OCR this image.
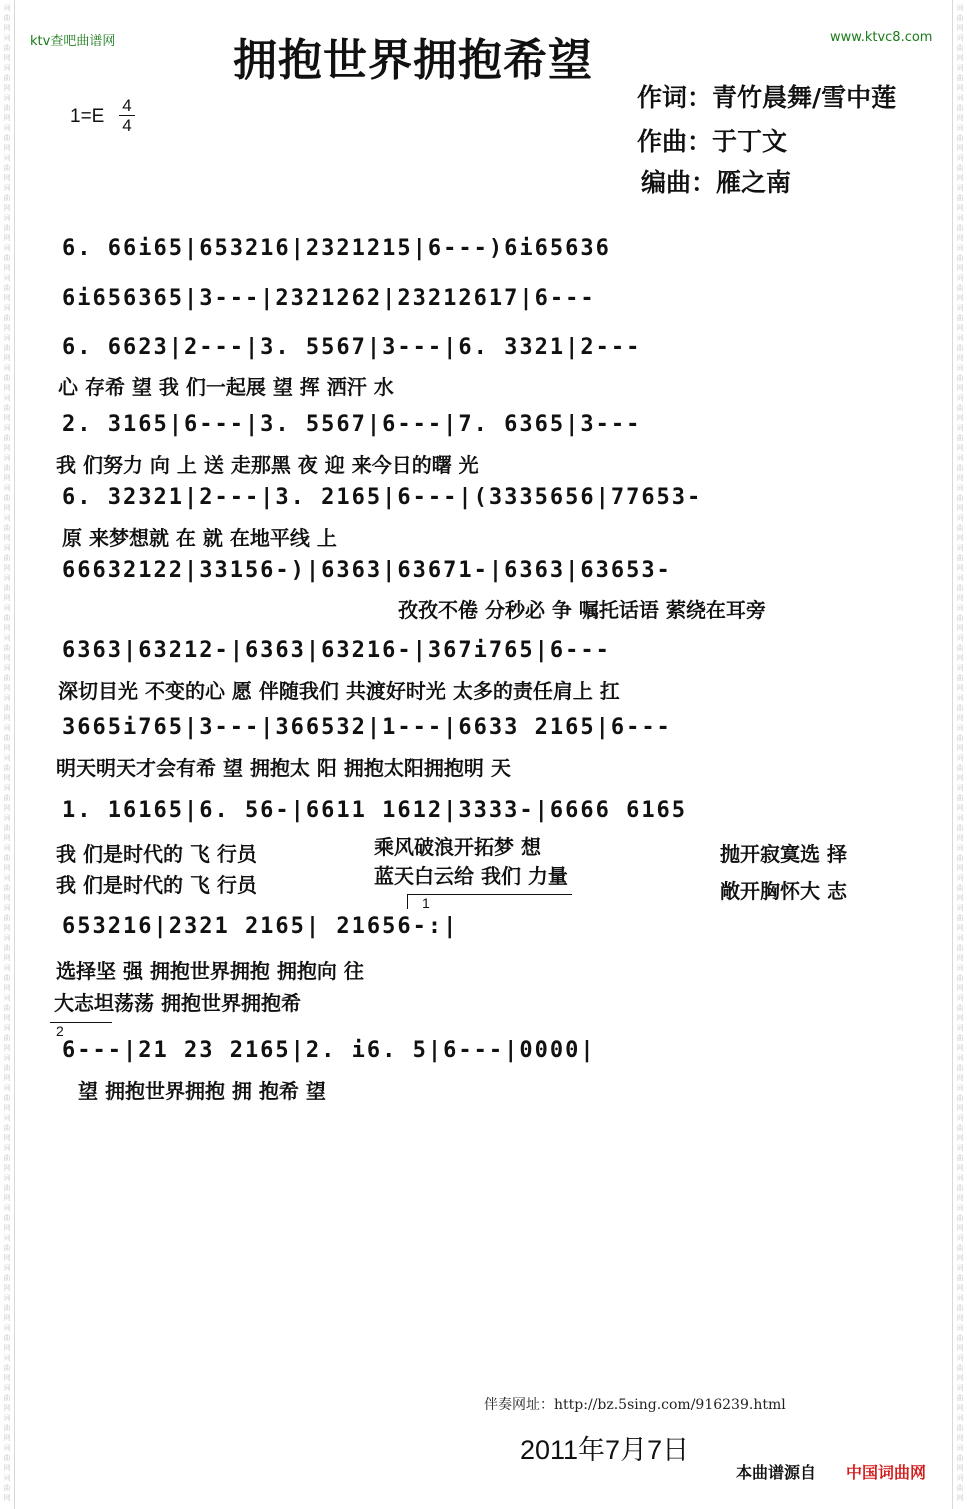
词
曲
网
词
曲
网
词
曲
网
词
曲
网
词
曲
网
词
曲
网
词
曲
网
词
曲
网
词
曲
网
词
曲
网
词
曲
网
词
曲
网
词
曲
网
词
曲
网
词
曲
网
词
曲
网
词
曲
网
词
曲
网
词
曲
网
词
曲
网
词
曲
网
词
曲
网
词
曲
网
词
曲
网
词
曲
网
词
曲
网
词
曲
网
词
曲
网
词
曲
网
词
曲
网
词
曲
网
词
曲
网
词
曲
网
词
曲
网
词
曲
网
词
曲
网
词
曲
网
词
曲
网
词
曲
网
词
曲
网
词
曲
网
词
曲
网
词
曲
网
词
曲
网
词
曲
网
词
曲
网
词
曲
网
词
曲
网
词
曲
网
词
曲
网
词
曲
网
词
曲
网
词
曲
网
词
曲
网
词
曲
网
词
曲
网
词
曲
网
词
曲
网
词
曲
网
词
曲
网
词
曲
网
词
曲
网
词
曲
网
词
曲
网
词
曲
网
词
曲
网
词
曲
网
词
曲
网
词
曲
网
词
曲
网
词
曲
网
词
曲
网
词
曲
网
词
曲
网
词
曲
网
词
曲
网
词
曲
网
词
曲
网
词
曲
网
词
曲
网
词
曲
网
词
曲
网
词
曲
网
词
曲
网
词
曲
网
词
曲
网
词
曲
网
词
曲
网
词
曲
网
词
曲
网
词
曲
网
词
曲
网
词
曲
网
词
曲
网
词
曲
网
词
曲
网
词
曲
网
词
曲
网
词
曲
网
词
曲
网
ktv查吧曲谱网	www.ktvc8.com
拥抱世界拥抱希望
作词：青竹晨舞/雪中莲
作曲：于丁文
编曲：雁之南
$1=E \frac{4}{4}$
6. 66i65|653216|2321215|6---)6i65636
6i656365|3---|2321262|23212617|6---
6. 6623|2---|3. 5567|3---|6. 3321|2---
2. 3165|6---|3. 5567|6---|7. 6365|3---
6. 32321|2---|3. 2165|6---|(3335656|77653-
66632122|33156-)|6363|63671-|6363|63653-
6363|63212-|6363|63216-|367i765|6---
3665i765|3---|366532|1---|6633 2165|6---
1. 16165|6. 56-|6611 1612|3333-|6666 6165
653216|2321 2165| 21656-:|
6---|21 23 2165|2. i6. 5|6---|0000|
心 存希 望 我 们一起展 望 挥 洒汗 水
我 们努力 向 上 送 走那黑 夜 迎 来今日的曙 光
原 来梦想就 在 就 在地平线 上
孜孜不倦 分秒必 争 嘱托话语 萦绕在耳旁
深切目光 不变的心 愿 伴随我们 共渡好时光 太多的责任肩上 扛
明天明天才会有希 望 拥抱太 阳 拥抱太阳拥抱明 天
我 们是时代的 飞 行员	乘风破浪开拓梦 想	抛开寂寞选 择
我 们是时代的 飞 行员	蓝天白云给 我们 力量
敞开胸怀大 志
选择坚 强 拥抱世界拥抱 拥抱向 往
大志坦荡荡 拥抱世界拥抱希
望 拥抱世界拥抱 拥 抱希 望
1
2
伴奏网址：http://bz.5sing.com/916239.html
2011年7月7日
本曲谱源自 中国词曲网
